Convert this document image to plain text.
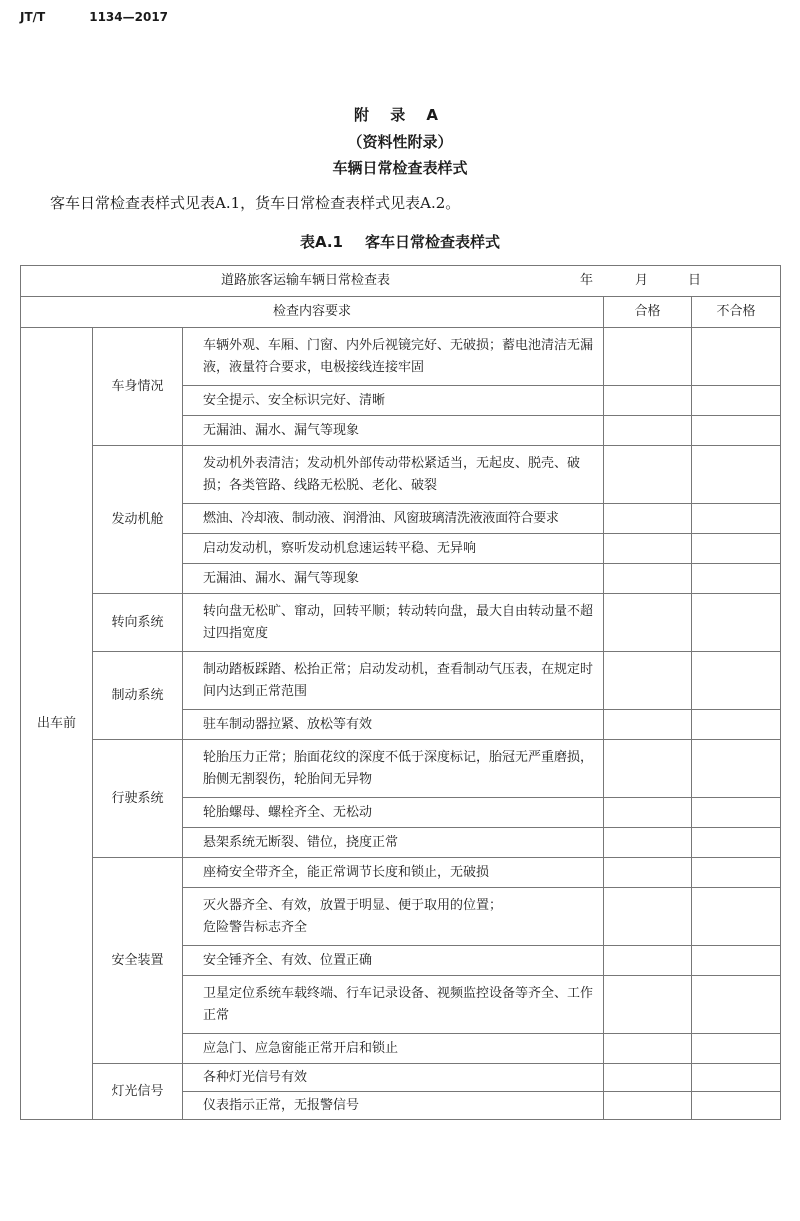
JT/T	1134—2017
附 录 A
（资料性附录）
车辆日常检查表样式
客车日常检查表样式见表A.1，货车日常检查表样式见表A.2。
表A.1 客车日常检查表样式
道路旅客运输车辆日常检查表 年 月 日				
检查内容要求			合格	不合格
出车前	车身情况	车辆外观、车厢、门窗、内外后视镜完好、无破损；蓄电池清洁无漏液，液量符合要求，电极接线连接牢固		
		安全提示、安全标识完好、清晰		
		无漏油、漏水、漏气等现象		
	发动机舱	发动机外表清洁；发动机外部传动带松紧适当，无起皮、脱壳、破损；各类管路、线路无松脱、老化、破裂		
		燃油、冷却液、制动液、润滑油、风窗玻璃清洗液液面符合要求		
		启动发动机，察听发动机怠速运转平稳、无异响		
		无漏油、漏水、漏气等现象		
	转向系统	转向盘无松旷、窜动，回转平顺；转动转向盘，最大自由转动量不超过四指宽度		
	制动系统	制动踏板踩踏、松抬正常；启动发动机，查看制动气压表，在规定时间内达到正常范围		
		驻车制动器拉紧、放松等有效		
	行驶系统	轮胎压力正常；胎面花纹的深度不低于深度标记，胎冠无严重磨损，胎侧无割裂伤，轮胎间无异物		
		轮胎螺母、螺栓齐全、无松动		
		悬架系统无断裂、错位，挠度正常		
	安全装置	座椅安全带齐全，能正常调节长度和锁止，无破损		

		灭火器齐全、有效，放置于明显、便于取用的位置；
危险警告标志齐全		

		安全锤齐全、有效、位置正确		
		卫星定位系统车载终端、行车记录设备、视频监控设备等齐全、工作正常		
		应急门、应急窗能正常开启和锁止		
	灯光信号	各种灯光信号有效		
		仪表指示正常，无报警信号		
